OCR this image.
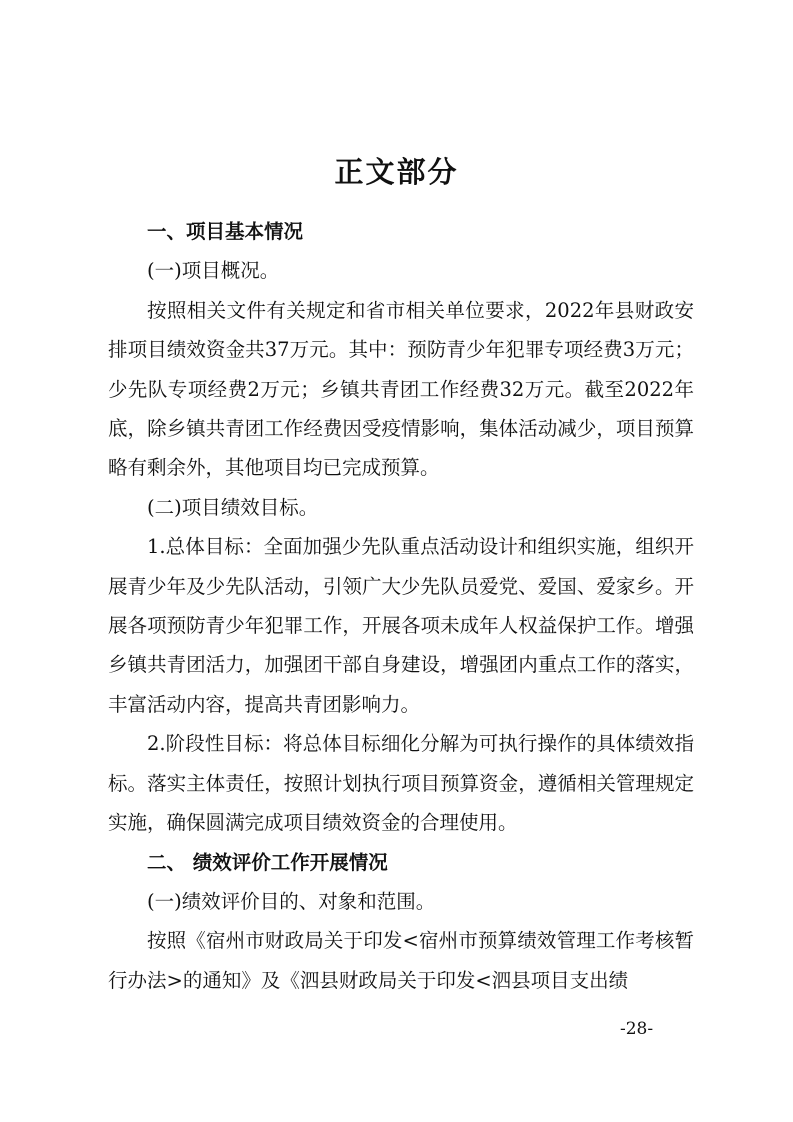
正文部分

一、项目基本情况

(一)项目概况。

按照相关文件有关规定和省市相关单位要求，2022年县财政安排项目绩效资金共37万元。其中：预防青少年犯罪专项经费3万元；少先队专项经费2万元；乡镇共青团工作经费32万元。截至2022年底，除乡镇共青团工作经费因受疫情影响，集体活动减少，项目预算略有剩余外，其他项目均已完成预算。

(二)项目绩效目标。

1.总体目标：全面加强少先队重点活动设计和组织实施，组织开展青少年及少先队活动，引领广大少先队员爱党、爱国、爱家乡。开展各项预防青少年犯罪工作，开展各项未成年人权益保护工作。增强乡镇共青团活力，加强团干部自身建设，增强团内重点工作的落实，丰富活动内容，提高共青团影响力。

2.阶段性目标：将总体目标细化分解为可执行操作的具体绩效指标。落实主体责任，按照计划执行项目预算资金，遵循相关管理规定实施，确保圆满完成项目绩效资金的合理使用。

二、 绩效评价工作开展情况

(一)绩效评价目的、对象和范围。

按照《宿州市财政局关于印发<宿州市预算绩效管理工作考核暂行办法>的通知》及《泗县财政局关于印发<泗县项目支出绩

-28-
